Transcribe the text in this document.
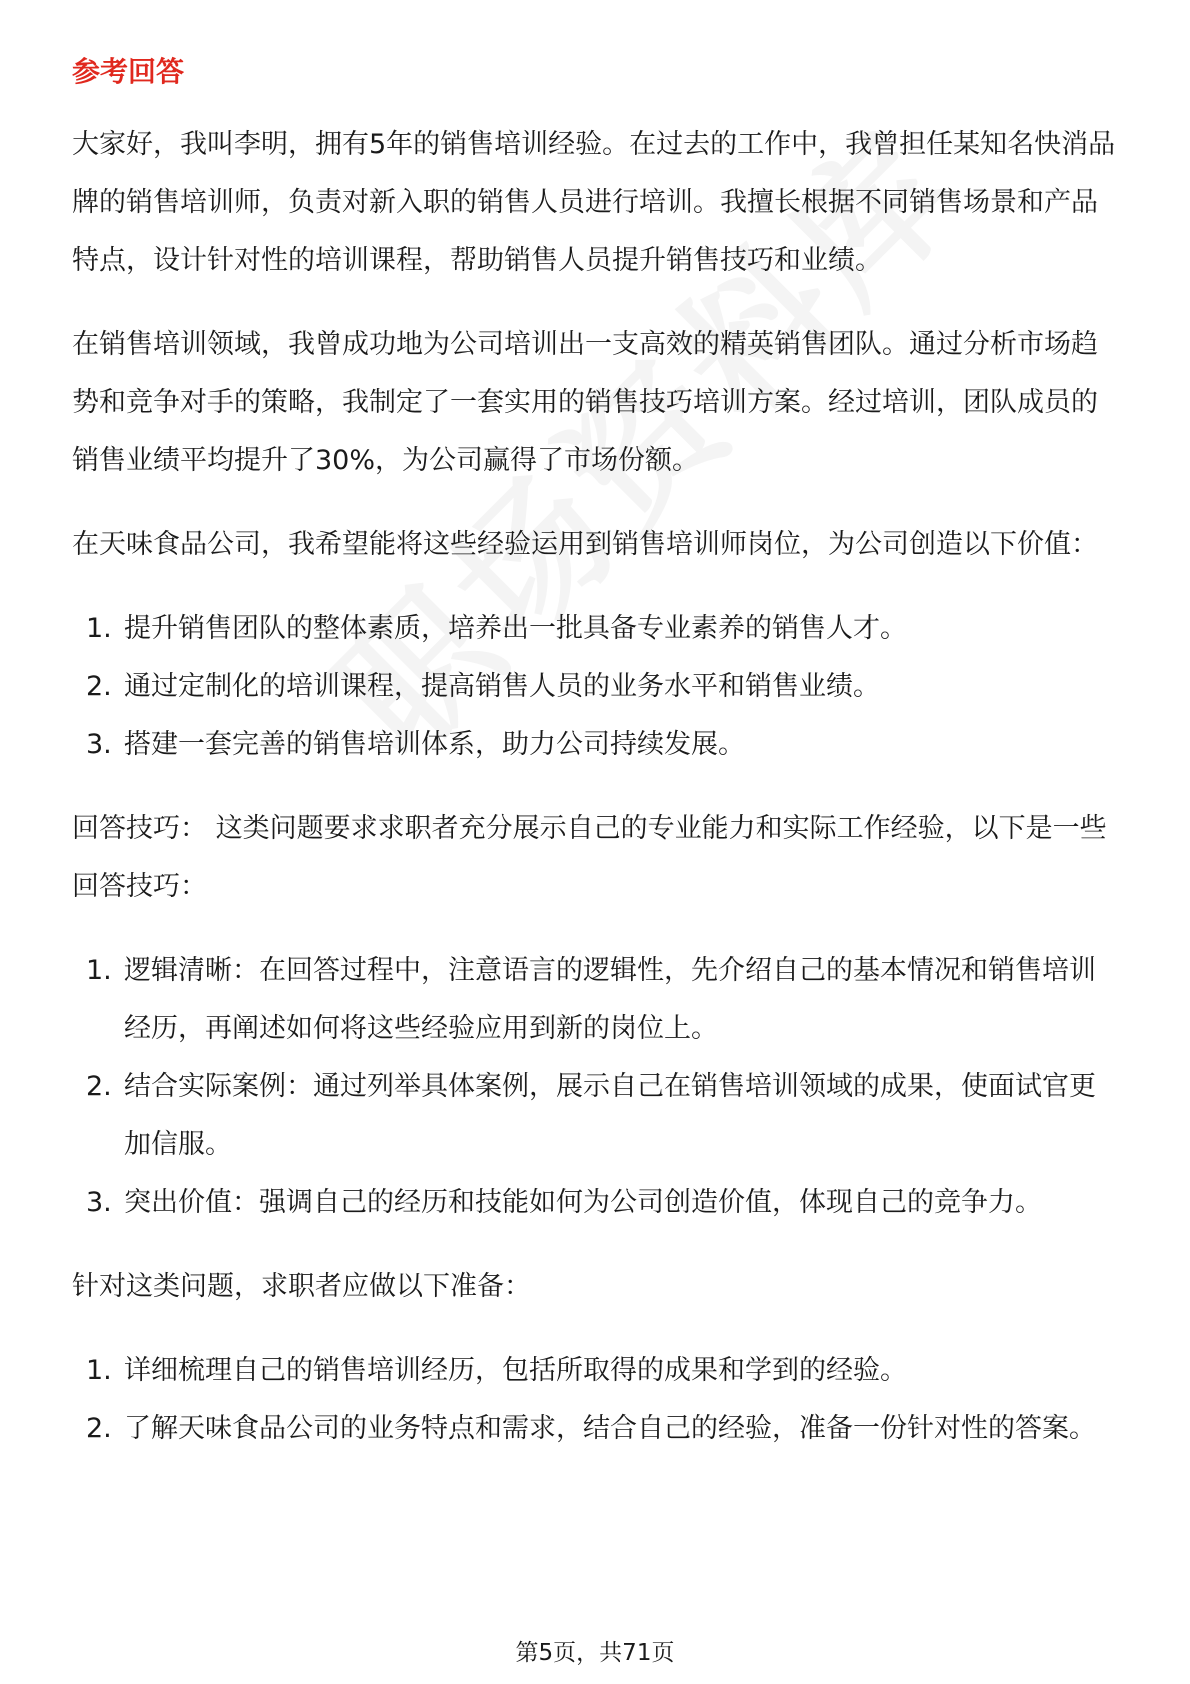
参考回答

大家好，我叫李明，拥有5年的销售培训经验。在过去的工作中，我曾担任某知名快消品牌的销售培训师，负责对新入职的销售人员进行培训。我擅长根据不同销售场景和产品特点，设计针对性的培训课程，帮助销售人员提升销售技巧和业绩。

在销售培训领域，我曾成功地为公司培训出一支高效的精英销售团队。通过分析市场趋势和竞争对手的策略，我制定了一套实用的销售技巧培训方案。经过培训，团队成员的销售业绩平均提升了30%，为公司赢得了市场份额。

在天味食品公司，我希望能将这些经验运用到销售培训师岗位，为公司创造以下价值：

1. 提升销售团队的整体素质，培养出一批具备专业素养的销售人才。
2. 通过定制化的培训课程，提高销售人员的业务水平和销售业绩。
3. 搭建一套完善的销售培训体系，助力公司持续发展。

回答技巧： 这类问题要求求职者充分展示自己的专业能力和实际工作经验，以下是一些回答技巧：

1. 逻辑清晰：在回答过程中，注意语言的逻辑性，先介绍自己的基本情况和销售培训经历，再阐述如何将这些经验应用到新的岗位上。
2. 结合实际案例：通过列举具体案例，展示自己在销售培训领域的成果，使面试官更加信服。
3. 突出价值：强调自己的经历和技能如何为公司创造价值，体现自己的竞争力。

针对这类问题，求职者应做以下准备：

1. 详细梳理自己的销售培训经历，包括所取得的成果和学到的经验。
2. 了解天味食品公司的业务特点和需求，结合自己的经验，准备一份针对性的答案。
第5页，共71页
